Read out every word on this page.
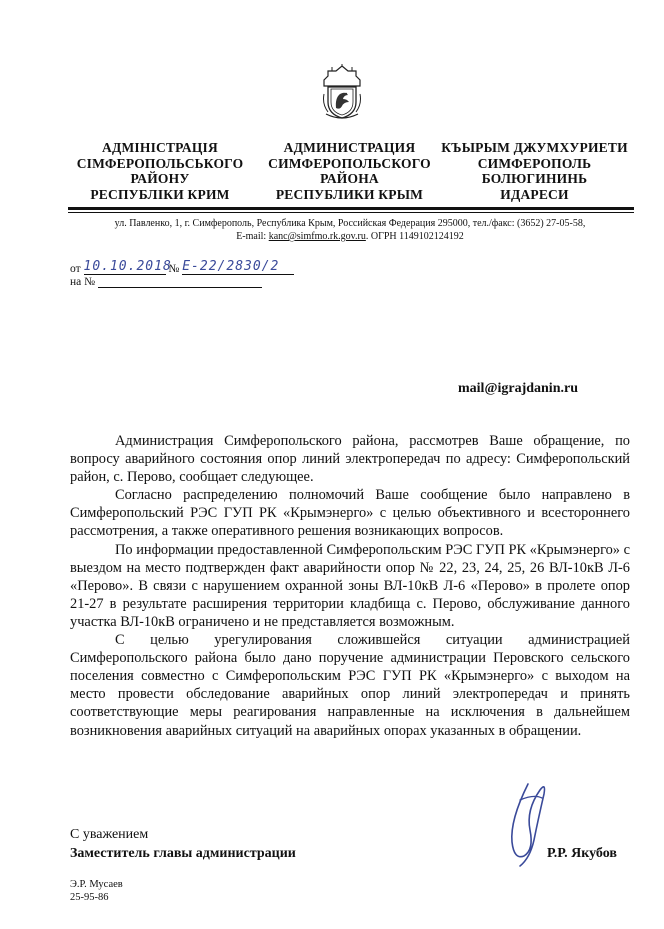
АДМІНІСТРАЦІЯ
СІМФЕРОПОЛЬСЬКОГО
РАЙОНУ
РЕСПУБЛІКИ КРИМ
АДМИНИСТРАЦИЯ
СИМФЕРОПОЛЬСКОГО
РАЙОНА
РЕСПУБЛИКИ КРЫМ
КЪЫРЫМ ДЖУМХУРИЕТИ
СИМФЕРОПОЛЬ
БОЛЮГИНИНЬ
ИДАРЕСИ
ул. Павленко, 1, г. Симферополь, Республика Крым, Российская Федерация 295000, тел./факс: (3652) 27-05-58,
E-mail: kanc@simfmo.rk.gov.ru. ОГРН 1149102124192
от 10.10.2018 № Е-22/2830/2
на №
mail@igrajdanin.ru

Администрация Симферопольского района, рассмотрев Ваше обращение, по вопросу аварийного состояния опор линий электропередач по адресу: Симферопольский район, с. Перово, сообщает следующее.

Согласно распределению полномочий Ваше сообщение было направлено в Симферопольский РЭС ГУП РК «Крымэнерго» с целью объективного и всестороннего рассмотрения, а также оперативного решения возникающих вопросов.

По информации предоставленной Симферопольским РЭС ГУП РК «Крымэнерго» с выездом на место подтвержден факт аварийности опор № 22, 23, 24, 25, 26 ВЛ-10кВ Л-6 «Перово». В связи с нарушением охранной зоны ВЛ-10кВ Л-6 «Перово» в пролете опор 21-27 в результате расширения территории кладбища с. Перово, обслуживание данного участка ВЛ-10кВ ограничено и не представляется возможным.

С целью урегулирования сложившейся ситуации администрацией Симферопольского района было дано поручение администрации Перовского сельского поселения совместно с Симферопольским РЭС ГУП РК «Крымэнерго» с выходом на место провести обследование аварийных опор линий электропередач и принять соответствующие меры реагирования направленные на исключения в дальнейшем возникновения аварийных ситуаций на аварийных опорах указанных в обращении.

С уважением
Заместитель главы администрации	Р.Р. Якубов
Э.Р. Мусаев
25-95-86
